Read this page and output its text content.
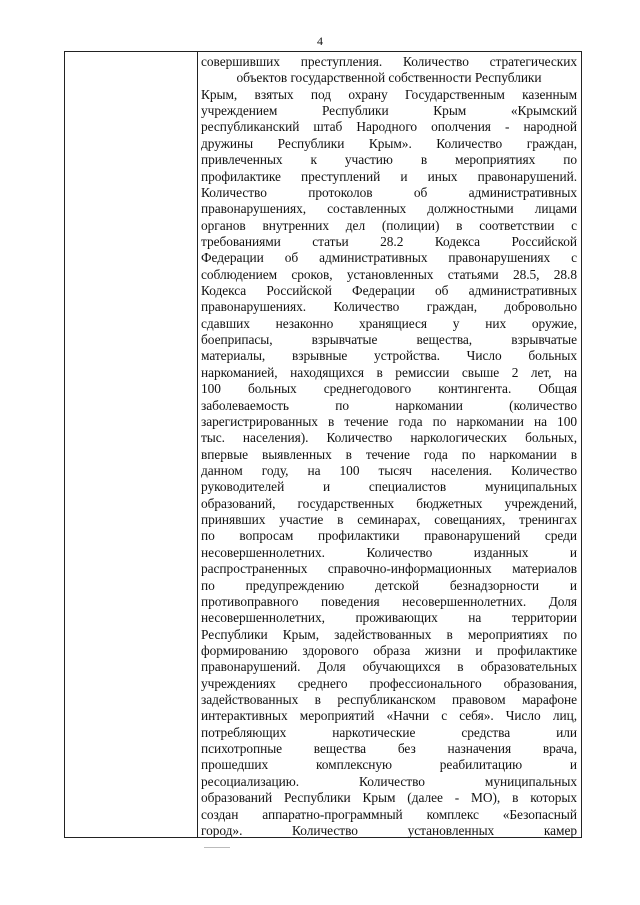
4
совершивших преступления. Количество стратегических
объектов государственной собственности Республики
Крым, взятых под охрану Государственным казенным
учреждением Республики Крым «Крымский
республиканский штаб Народного ополчения - народной
дружины Республики Крым». Количество граждан,
привлеченных к участию в мероприятиях по
профилактике преступлений и иных правонарушений.
Количество протоколов об административных
правонарушениях, составленных должностными лицами
органов внутренних дел (полиции) в соответствии с
требованиями статьи 28.2 Кодекса Российской
Федерации об административных правонарушениях с
соблюдением сроков, установленных статьями 28.5, 28.8
Кодекса Российской Федерации об административных
правонарушениях. Количество граждан, добровольно
сдавших незаконно хранящиеся у них оружие,
боеприпасы, взрывчатые вещества, взрывчатые
материалы, взрывные устройства. Число больных
наркоманией, находящихся в ремиссии свыше 2 лет, на
100 больных среднегодового контингента. Общая
заболеваемость по наркомании (количество
зарегистрированных в течение года по наркомании на 100
тыс. населения). Количество наркологических больных,
впервые выявленных в течение года по наркомании в
данном году, на 100 тысяч населения. Количество
руководителей и специалистов муниципальных
образований, государственных бюджетных учреждений,
принявших участие в семинарах, совещаниях, тренингах
по вопросам профилактики правонарушений среди
несовершеннолетних. Количество изданных и
распространенных справочно-информационных материалов
по предупреждению детской безнадзорности и
противоправного поведения несовершеннолетних. Доля
несовершеннолетних, проживающих на территории
Республики Крым, задействованных в мероприятиях по
формированию здорового образа жизни и профилактике
правонарушений. Доля обучающихся в образовательных
учреждениях среднего профессионального образования,
задействованных в республиканском правовом марафоне
интерактивных мероприятий «Начни с себя». Число лиц,
потребляющих наркотические средства или
психотропные вещества без назначения врача,
прошедших комплексную реабилитацию и
ресоциализацию. Количество муниципальных
образований Республики Крым (далее - МО), в которых
создан аппаратно-программный комплекс «Безопасный
город». Количество установленных камер
